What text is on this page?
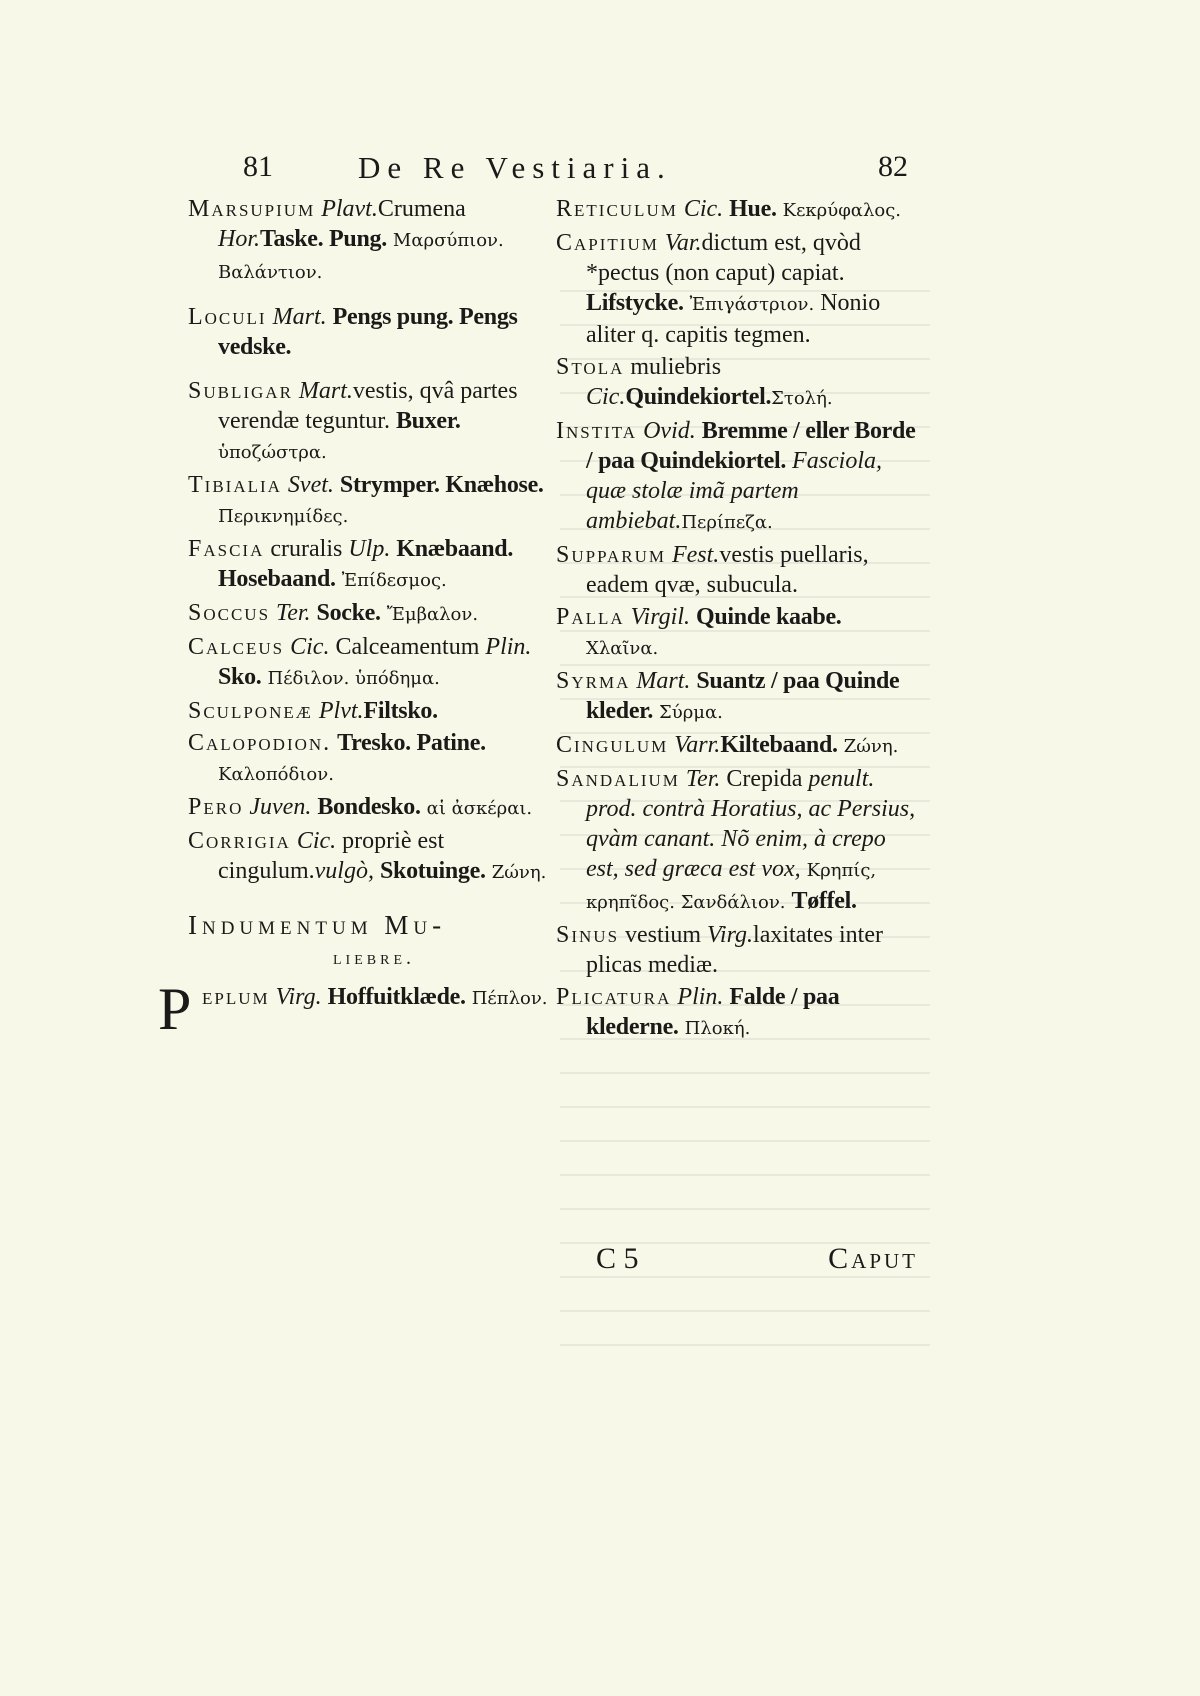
81	De Re Vestiaria.	82
Marsupium Plavt.Crumena Hor.Taske. Pung. Μαρσύπιον. Βαλάντιον.
Loculi Mart. Pengs pung. Pengs vedske.
Subligar Mart.vestis, qvâ partes verendæ teguntur. Buxer. ὑποζώστρα.
Tibialia Svet. Strymper. Knæhose. Περικνημίδες.
Fascia cruralis Ulp. Knæbaand. Hosebaand. Ἐπίδεσμος.
Soccus Ter. Socke. Ἔμβαλον.
Calceus Cic. Calceamentum Plin. Sko. Πέδιλον. ὑπόδημα.
Sculponeæ Plvt.Filtsko.
Calopodion. Tresko. Patine. Καλοπόδιον.
Pero Juven. Bondesko. αἱ ἀσκέραι.
Corrigia Cic. propriè est cingulum.vulgò, Skotuinge. Ζώνη.
Indumentum Mu-
liebre.
P eplum Virg. Hoffuitklæde. Πέπλον.
Reticulum Cic. Hue. Κεκρύφαλος.
Capitium Var.dictum est, qvòd *pectus (non caput) capiat. Lifstycke. Ἐπιγάστριον. Nonio aliter q. capitis tegmen.
Stola muliebris Cic.Quindekiortel.Στολή.
Instita Ovid. Bremme / eller Borde / paa Quindekiortel. Fasciola, quæ stolæ imã partem ambiebat.Περίπεζα.
Supparum Fest.vestis puellaris, eadem qvæ, subucula.
Palla Virgil. Quinde kaabe. Χλαῖνα.
Syrma Mart. Suantz / paa Quinde kleder. Σύρμα.
Cingulum Varr.Kiltebaand. Ζώνη.
Sandalium Ter. Crepida penult. prod. contrà Horatius, ac Persius, qvàm canant. Nõ enim, à crepo est, sed græca est vox, Κρηπίς, κρηπῖδος. Σανδάλιον. Tøffel.
Sinus vestium Virg.laxitates inter plicas mediæ.
Plicatura Plin. Falde / paa klederne. Πλοκή.
C 5	Caput
